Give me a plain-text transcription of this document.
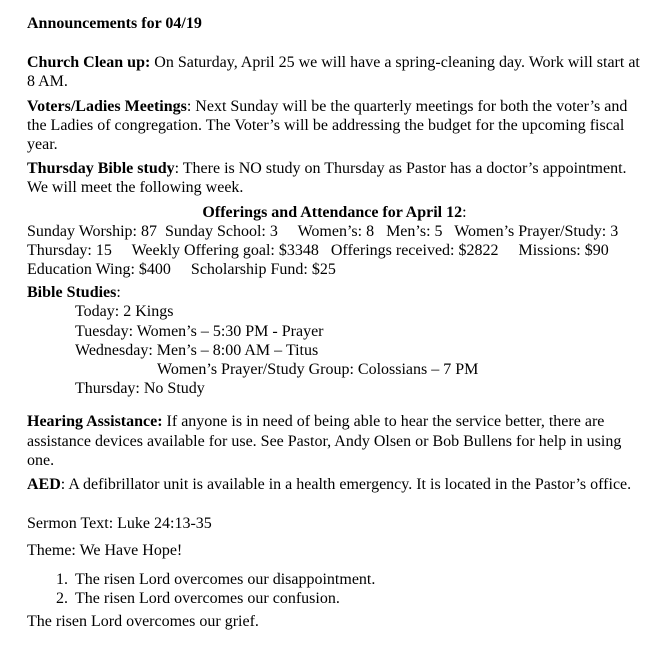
Announcements for 04/19

Church Clean up: On Saturday, April 25 we will have a spring-cleaning day. Work will start at 8 AM.

Voters/Ladies Meetings: Next Sunday will be the quarterly meetings for both the voter’s and the Ladies of congregation. The Voter’s will be addressing the budget for the upcoming fiscal year.

Thursday Bible study: There is NO study on Thursday as Pastor has a doctor’s appointment. We will meet the following week.

Offerings and Attendance for April 12:
Sunday Worship: 87  Sunday School: 3     Women’s: 8   Men’s: 5   Women’s Prayer/Study: 3
Thursday: 15     Weekly Offering goal: $3348   Offerings received: $2822     Missions: $90
Education Wing: $400     Scholarship Fund: $25
Bible Studies:
Today: 2 Kings
Tuesday: Women’s – 5:30 PM - Prayer
Wednesday: Men’s – 8:00 AM – Titus
Women’s Prayer/Study Group: Colossians – 7 PM
Thursday: No Study

Hearing Assistance: If anyone is in need of being able to hear the service better, there are assistance devices available for use. See Pastor, Andy Olsen or Bob Bullens for help in using one.

AED: A defibrillator unit is available in a health emergency. It is located in the Pastor’s office.

Sermon Text: Luke 24:13-35

Theme: We Have Hope!

1. The risen Lord overcomes our disappointment.
2. The risen Lord overcomes our confusion.

The risen Lord overcomes our grief.
